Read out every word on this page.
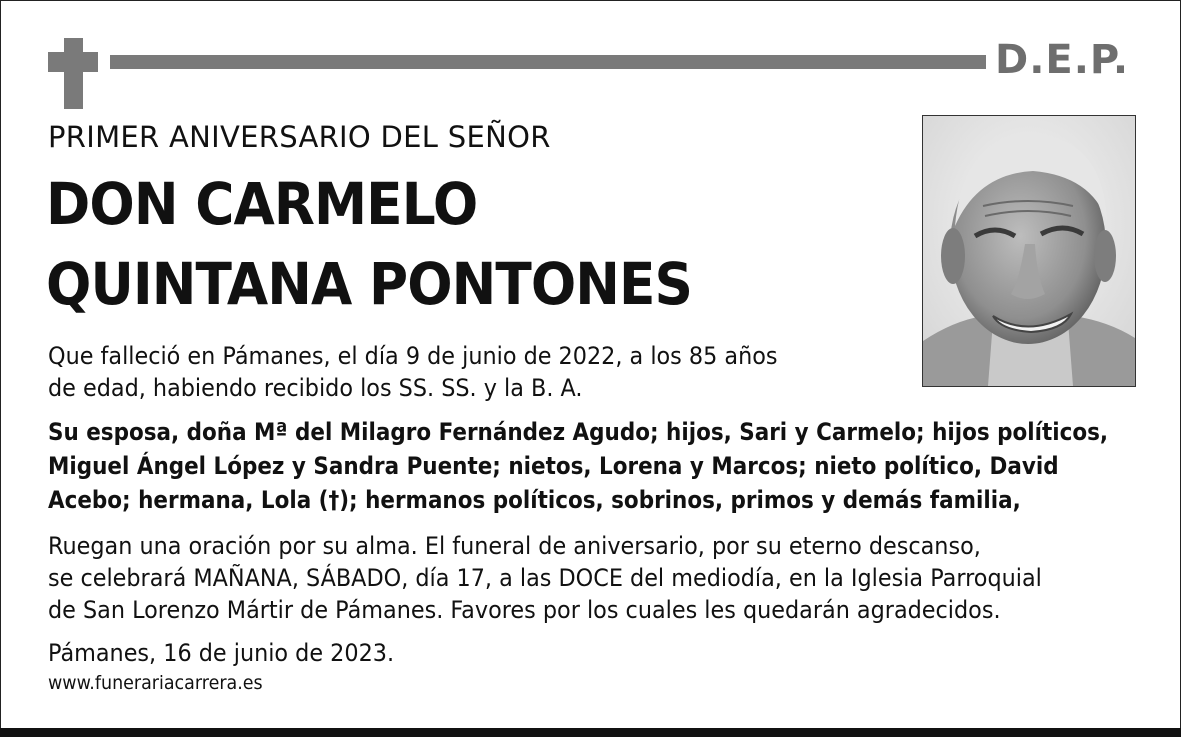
D.E.P.
PRIMER ANIVERSARIO DEL SEÑOR
DON CARMELO
QUINTANA PONTONES
Que falleció en Pámanes, el día 9 de junio de 2022, a los 85 años
de edad, habiendo recibido los SS. SS. y la B. A.
Su esposa, doña Mª del Milagro Fernández Agudo; hijos, Sari y Carmelo; hijos políticos,
Miguel Ángel López y Sandra Puente; nietos, Lorena y Marcos; nieto político, David
Acebo; hermana, Lola (†); hermanos políticos, sobrinos, primos y demás familia,
Ruegan una oración por su alma. El funeral de aniversario, por su eterno descanso,
se celebrará MAÑANA, SÁBADO, día 17, a las DOCE del mediodía, en la Iglesia Parroquial
de San Lorenzo Mártir de Pámanes. Favores por los cuales les quedarán agradecidos.
Pámanes, 16 de junio de 2023.
www.funerariacarrera.es
